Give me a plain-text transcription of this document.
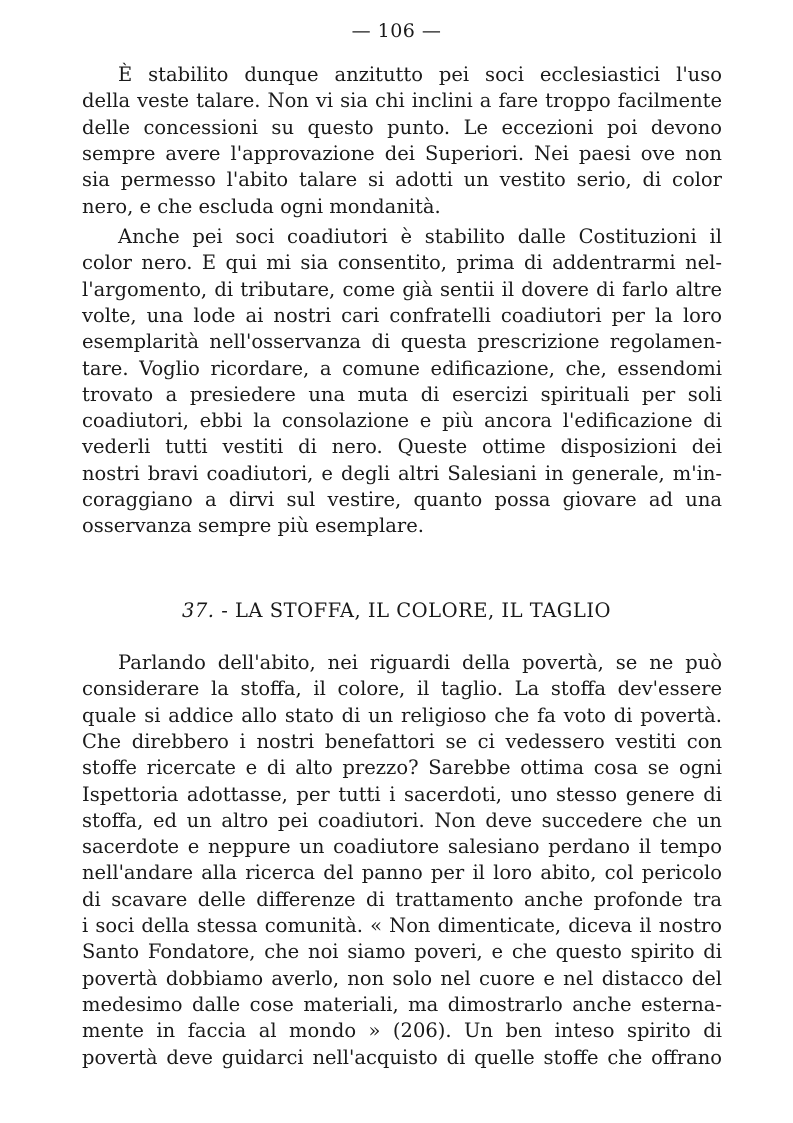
— 106 —
È stabilito dunque anzitutto pei soci ecclesiastici l'uso
della veste talare. Non vi sia chi inclini a fare troppo facilmente
delle concessioni su questo punto. Le eccezioni poi devono
sempre avere l'approvazione dei Superiori. Nei paesi ove non
sia permesso l'abito talare si adotti un vestito serio, di color
nero, e che escluda ogni mondanità.
Anche pei soci coadiutori è stabilito dalle Costituzioni il
color nero. E qui mi sia consentito, prima di addentrarmi nel-
l'argomento, di tributare, come già sentii il dovere di farlo altre
volte, una lode ai nostri cari confratelli coadiutori per la loro
esemplarità nell'osservanza di questa prescrizione regolamen-
tare. Voglio ricordare, a comune edificazione, che, essendomi
trovato a presiedere una muta di esercizi spirituali per soli
coadiutori, ebbi la consolazione e più ancora l'edificazione di
vederli tutti vestiti di nero. Queste ottime disposizioni dei
nostri bravi coadiutori, e degli altri Salesiani in generale, m'in-
coraggiano a dirvi sul vestire, quanto possa giovare ad una
osservanza sempre più esemplare.
37. - LA STOFFA, IL COLORE, IL TAGLIO
Parlando dell'abito, nei riguardi della povertà, se ne può
considerare la stoffa, il colore, il taglio. La stoffa dev'essere
quale si addice allo stato di un religioso che fa voto di povertà.
Che direbbero i nostri benefattori se ci vedessero vestiti con
stoffe ricercate e di alto prezzo? Sarebbe ottima cosa se ogni
Ispettoria adottasse, per tutti i sacerdoti, uno stesso genere di
stoffa, ed un altro pei coadiutori. Non deve succedere che un
sacerdote e neppure un coadiutore salesiano perdano il tempo
nell'andare alla ricerca del panno per il loro abito, col pericolo
di scavare delle differenze di trattamento anche profonde tra
i soci della stessa comunità. « Non dimenticate, diceva il nostro
Santo Fondatore, che noi siamo poveri, e che questo spirito di
povertà dobbiamo averlo, non solo nel cuore e nel distacco del
medesimo dalle cose materiali, ma dimostrarlo anche esterna-
mente in faccia al mondo » (206). Un ben inteso spirito di
povertà deve guidarci nell'acquisto di quelle stoffe che offrano
